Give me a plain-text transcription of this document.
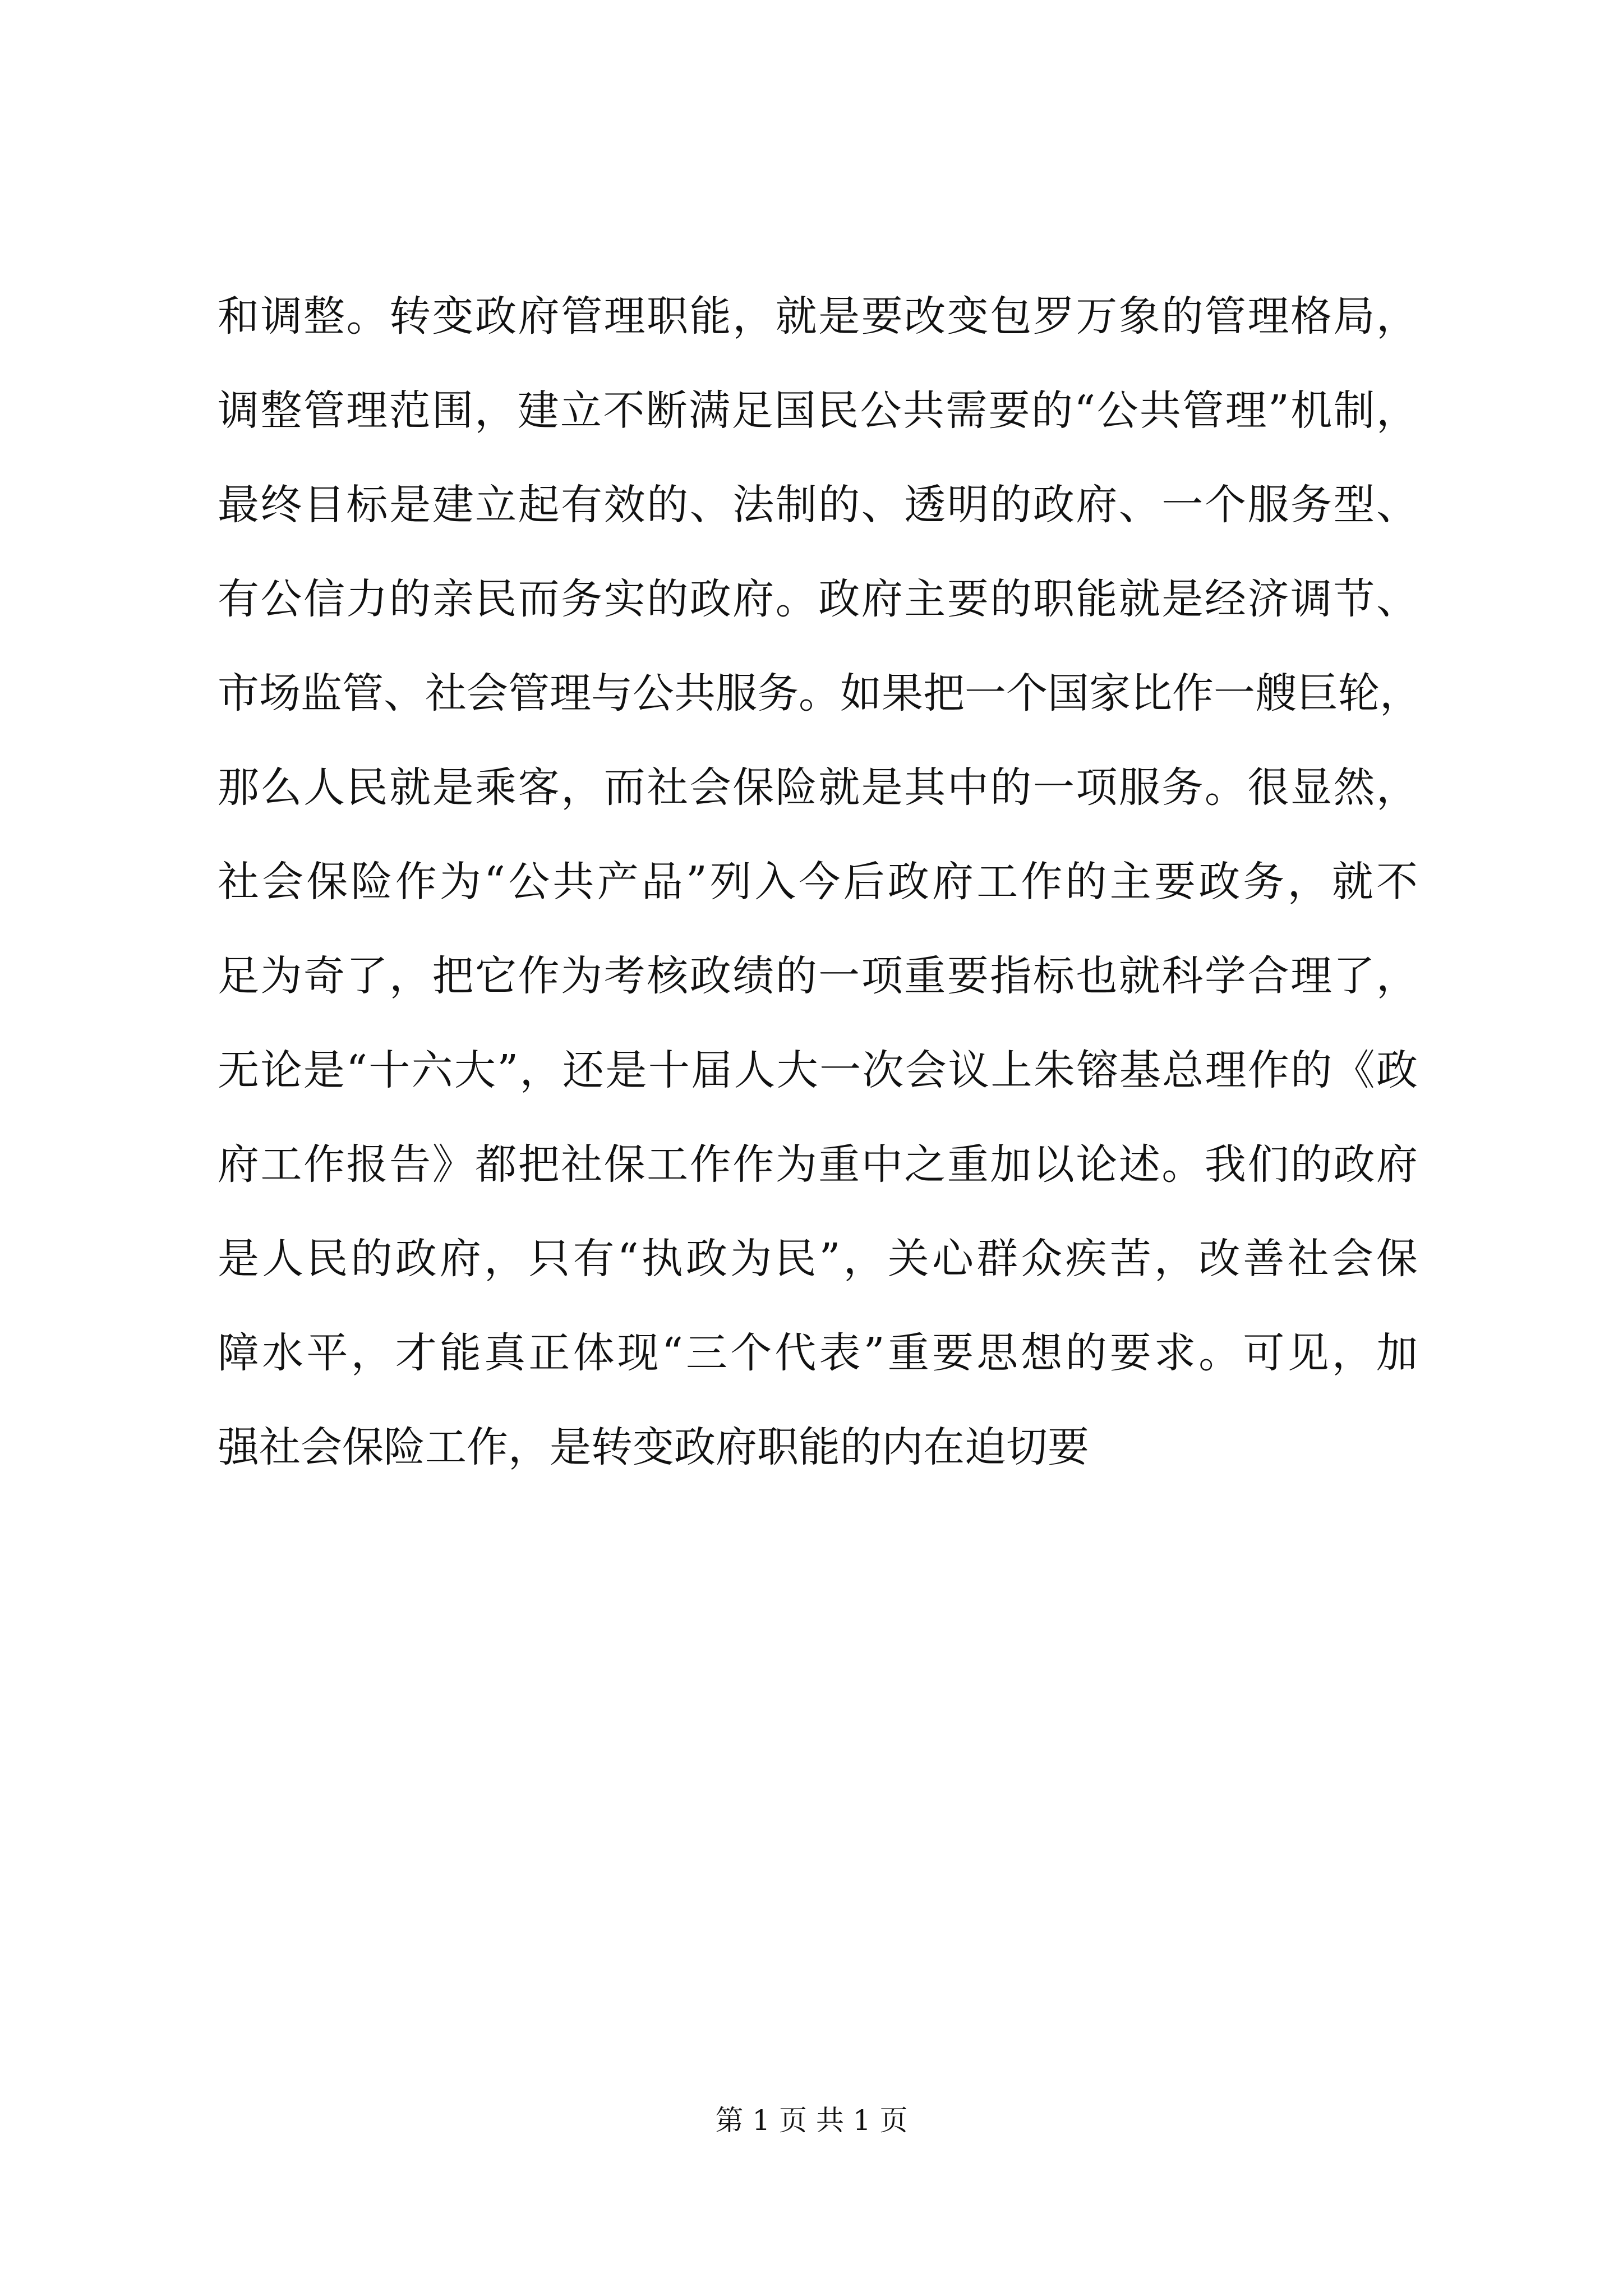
和调整。转变政府管理职能，就是要改变包罗万象的管理格局，
调整管理范围，建立不断满足国民公共需要的“公共管理”机制，
最终目标是建立起有效的、法制的、透明的政府、一个服务型、
有公信力的亲民而务实的政府。政府主要的职能就是经济调节、
市场监管、社会管理与公共服务。如果把一个国家比作一艘巨轮，
那么人民就是乘客，而社会保险就是其中的一项服务。很显然，
社会保险作为“公共产品”列入今后政府工作的主要政务，就不
足为奇了，把它作为考核政绩的一项重要指标也就科学合理了，
无论是“十六大”，还是十届人大一次会议上朱镕基总理作的《政
府工作报告》都把社保工作作为重中之重加以论述。我们的政府
是人民的政府，只有“执政为民”，关心群众疾苦，改善社会保
障水平，才能真正体现“三个代表”重要思想的要求。可见，加
强社会保险工作，是转变政府职能的内在迫切要
第 1 页 共 1 页
